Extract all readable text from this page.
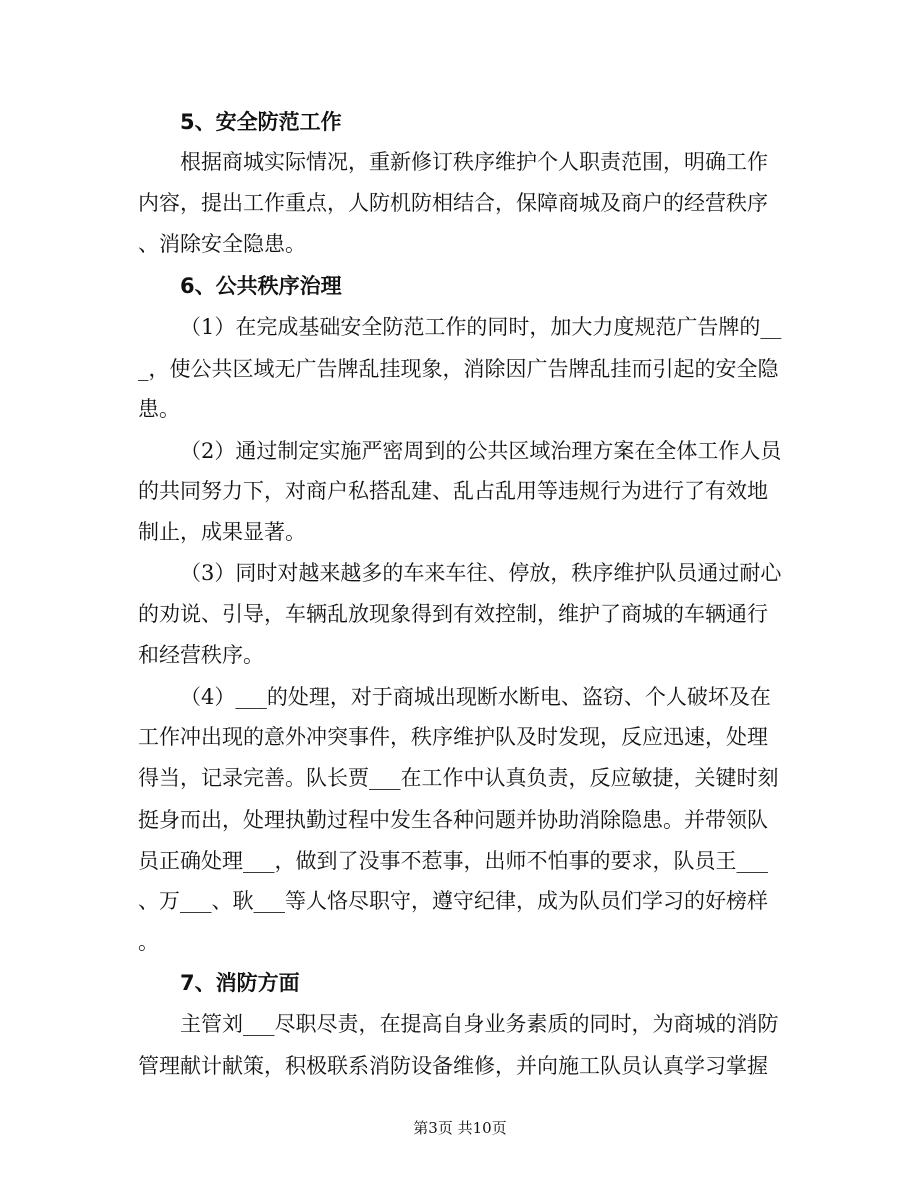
5、安全防范工作
根据商城实际情况，重新修订秩序维护个人职责范围，明确工作
内容，提出工作重点，人防机防相结合，保障商城及商户的经营秩序
、消除安全隐患。
6、公共秩序治理
（1）在完成基础安全防范工作的同时，加大力度规范广告牌的__
_，使公共区域无广告牌乱挂现象，消除因广告牌乱挂而引起的安全隐
患。
（2）通过制定实施严密周到的公共区域治理方案在全体工作人员
的共同努力下，对商户私搭乱建、乱占乱用等违规行为进行了有效地
制止，成果显著。
（3）同时对越来越多的车来车往、停放，秩序维护队员通过耐心
的劝说、引导，车辆乱放现象得到有效控制，维护了商城的车辆通行
和经营秩序。
（4）___的处理，对于商城出现断水断电、盗窃、个人破坏及在
工作冲出现的意外冲突事件，秩序维护队及时发现，反应迅速，处理
得当，记录完善。队长贾___在工作中认真负责，反应敏捷，关键时刻
挺身而出，处理执勤过程中发生各种问题并协助消除隐患。并带领队
员正确处理___，做到了没事不惹事，出师不怕事的要求，队员王___
、万___、耿___等人恪尽职守，遵守纪律，成为队员们学习的好榜样
。
7、消防方面
主管刘___尽职尽责，在提高自身业务素质的同时，为商城的消防
管理献计献策，积极联系消防设备维修，并向施工队员认真学习掌握
第3页 共10页
